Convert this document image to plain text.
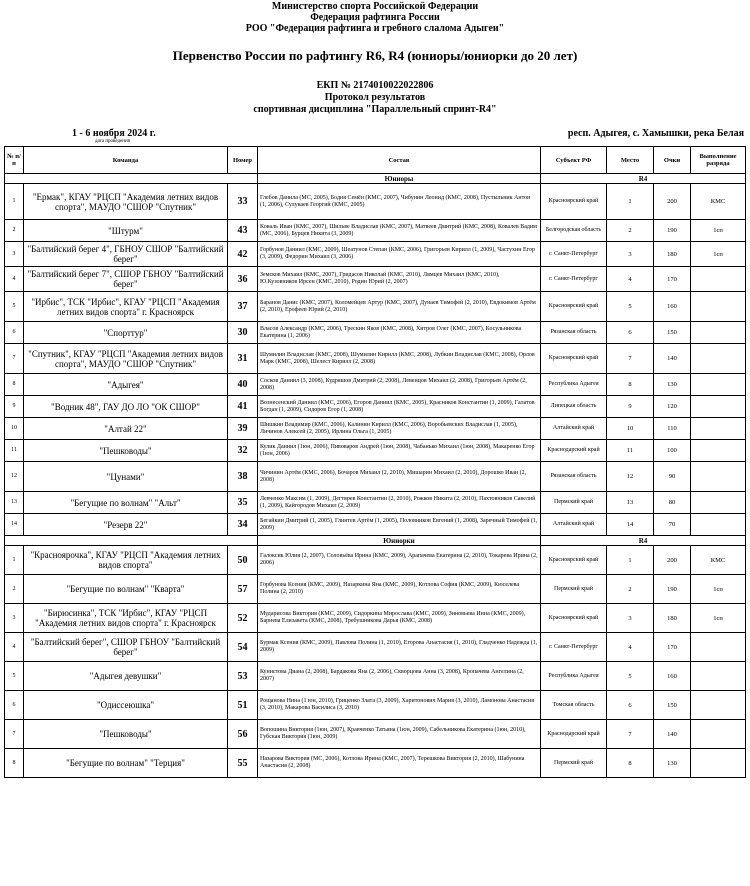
Министерство спорта Российской Федерации
Федерация рафтинга России
РОО "Федерация рафтинга и гребного слалома Адыгеи"
Первенство России по рафтингу R6, R4 (юниоры/юниорки до 20 лет)
ЕКП № 2174010022022806
Протокол результатов
спортивная дисциплина "Параллельный спринт-R4"
1 - 6 ноября 2024 г.
дата проведения
респ. Адыгея, с. Хамышки, река Белая
№ п/п	Команда	Номер	Состав	Субъект РФ	Место	Очки	Выполнение разряда
			Юниоры	R4			
1	"Ермак", КГАУ "РЦСП "Академия летних видов спорта", МАУДО "СШОР "Спутник"	33	Глебов Данила (МС, 2005), Бодня Семён (КМС, 2007), Чибунин Леонид (КМС, 2008), Пустыльник Антон (1, 2006), Сулукаев Георгий (КМС, 2005)	Красноярский край	1	200	КМС
2	"Штурм"	43	Коваль Иван (КМС, 2007), Шильве Владислав (КМС, 2007), Матвеев Дмитрий (КМС, 2008), Ковалев Вадим (МС, 2006), Бурцев Никита (3, 2009)	Белгородская область	2	190	1сп
3	"Балтийский берег 4", ГБНОУ СШОР "Балтийский берег"	42	Горбунов Даниил (КМС, 2009), Шеатунов Степан (КМС, 2006), Григорьев Кирилл (1, 2009), Частухин Егор (3, 2009), Федорин Михаил (3, 2006)	г. Санкт-Петербург	3	180	1сп
4	"Балтийский берег 7", СШОР ГБНОУ "Балтийский берег"	36	Земсков Михаил (КМС, 2007), Гридасов Николай (КМС, 2010), Лямцев Михаил (КМС, 2010), Ю.Кузовников Ирсен (КМС, 2010), Родин Юрий (2, 2007)	г. Санкт-Петербург	4	170	
5	"Ирбис", ТСК "Ирбис", КГАУ "РЦСП "Академия летних видов спорта" г. Красноярск	37	Баранов Данис (КМС, 2007), Коломейцев Артур (КМС, 2007), Дунаев Тимофей (2, 2010), Евдокимов Артём (2, 2010), Ерофеев Юрий (2, 2010)	Красноярский край	5	160	
6	"Спорттур"	30	Власов Александр (КМС, 2006), Трескин Яков (КМС, 2008), Хитров Олег (КМС, 2007), Косульникова Екатерина (1, 2006)	Рязанская область	6	150	
7	"Спутник", КГАУ "РЦСП "Академия летних видов спорта", МАУДО "СШОР "Спутник"	31	Шумилин Владислав (КМС, 2008), Шумилин Кирилл (КМС, 2008), Лубкин Владислав (КМС, 2008), Орлов Марк (КМС, 2008), Шелест Кирилл (2, 2008)	Красноярский край	7	140	
8	"Адыгея"	40	Сосков Даниил (3, 2008), Кудряшов Дмитрий (2, 2008), Левенцов Михаил (2, 2008), Григорьев Артём (2, 2008)	Республика Адыгея	8	130	
9	"Водник 48", ГАУ ДО ЛО "ОК СШОР"	41	Вознесенский Даниил (КМС, 2006), Егоров Даниил (КМС, 2005), Красников Константин (1, 2009), Галатов Богдан (1, 2009), Сидоров Егор (1, 2008)	Липецкая область	9	120	
10	"Алтай 22"	39	Шишкин Владимир (КМС, 2006), Калинин Кирилл (КМС, 2006), Воробьевских Владислав (1, 2005), Личинов Алексей (2, 2005), Ирлина Ольга (1, 2005)	Алтайский край	10	110	
11	"Пешководы"	32	Кулик Даниил (1юн, 2006), Пивоваров Андрей (1юн, 2008), Чабанько Михаил (1юн, 2008), Макаренко Егор (1юн, 2006)	Краснодарский край	11	100	
12	"Цунами"	38	Чичинин Артём (КМС, 2006), Бочаров Михаил (2, 2010), Мишарин Михаил (2, 2010), Дорошко Иван (2, 2008)	Рязанская область	12	90	
13	"Бегущие по волнам" "Альт"	35	Левченко Максим (1, 2009), Дегтярев Константин (2, 2010), Рожков Никита (2, 2010), Пахтовников Савелий (1, 2009), Кайгородов Михаил (2, 2009)	Пермский край	13	80	
14	"Резерв 22"	34	Бегайкин Дмитрий (1, 2005), Глинтев Артём (1, 2005), Половников Евгений (1, 2008), Заречный Тимофей (1, 2009)	Алтайский край	14	70	
			Юниорки	R4			
1	"Красноярочка", КГАУ "РЦСП "Академия летних видов спорта"	50	Галоксик Юлия (2, 2007), Соловьёва Ирина (КМС, 2009), Арапачева Екатерина (2, 2010), Токарева Ирина (2, 2006)	Красноярский край	1	200	КМС
2	"Бегущие по волнам" "Кварта"	57	Горбунова Ксения (КМС, 2009), Назаркина Яна (КМС, 2009), Котлова София (КМС, 2009), Кюселева Полина (2, 2010)	Пермский край	2	190	1сп
3	"Бирюсинка", ТСК "Ирбис", КГАУ "РЦСП "Академия летних видов спорта" г. Красноярск	52	Мударисова Виктория (КМС, 2009), Сидоркина Мирослава (КМС, 2009), Зиновьева Инна (КМС, 2009), Барнева Елизавета (КМС, 2008), Требушникова Дарья (КМС, 2008)	Красноярский край	3	180	1сп
4	"Балтийский берег", СШОР ГБНОУ "Балтийский берег"	54	Бурмак Ксения (КМС, 2009), Павлова Полина (1, 2010), Егорова Анастасия (1, 2010), Гладченко Надежда (1, 2009)	г. Санкт-Петербург	4	170	
5	"Адыгея девушки"	53	Кунистова Диана (2, 2008), Бардакова Яна (2, 2006), Скворцова Анна (3, 2008), Кропачева Ангелина (2, 2007)	Республика Адыгея	5	160	
6	"Одиссеюшка"	51	Рощанова Нина (1 юн, 2010), Гриценко Злата (3, 2009), Харитонович Мария (3, 2010), Ламонова Анастасия (3, 2010), Макарова Василиса (3, 2010)	Томская область	6	150	
7	"Пешководы"	56	Вопошина Виктория (1юн, 2007), Кравченко Татьяна (1юн, 2009), Сабельникова Екатерина (1юн, 2010), Губская Виктория (1юн, 2009)	Краснодарский край	7	140	
8	"Бегущие по волнам" "Терция"	55	Назарова Виктория (МС, 2006), Котлова Ирина (КМС, 2007), Терешкова Виктория (2, 2010), Шабунина Анастасия (2, 2008)	Пермский край	8	130	
